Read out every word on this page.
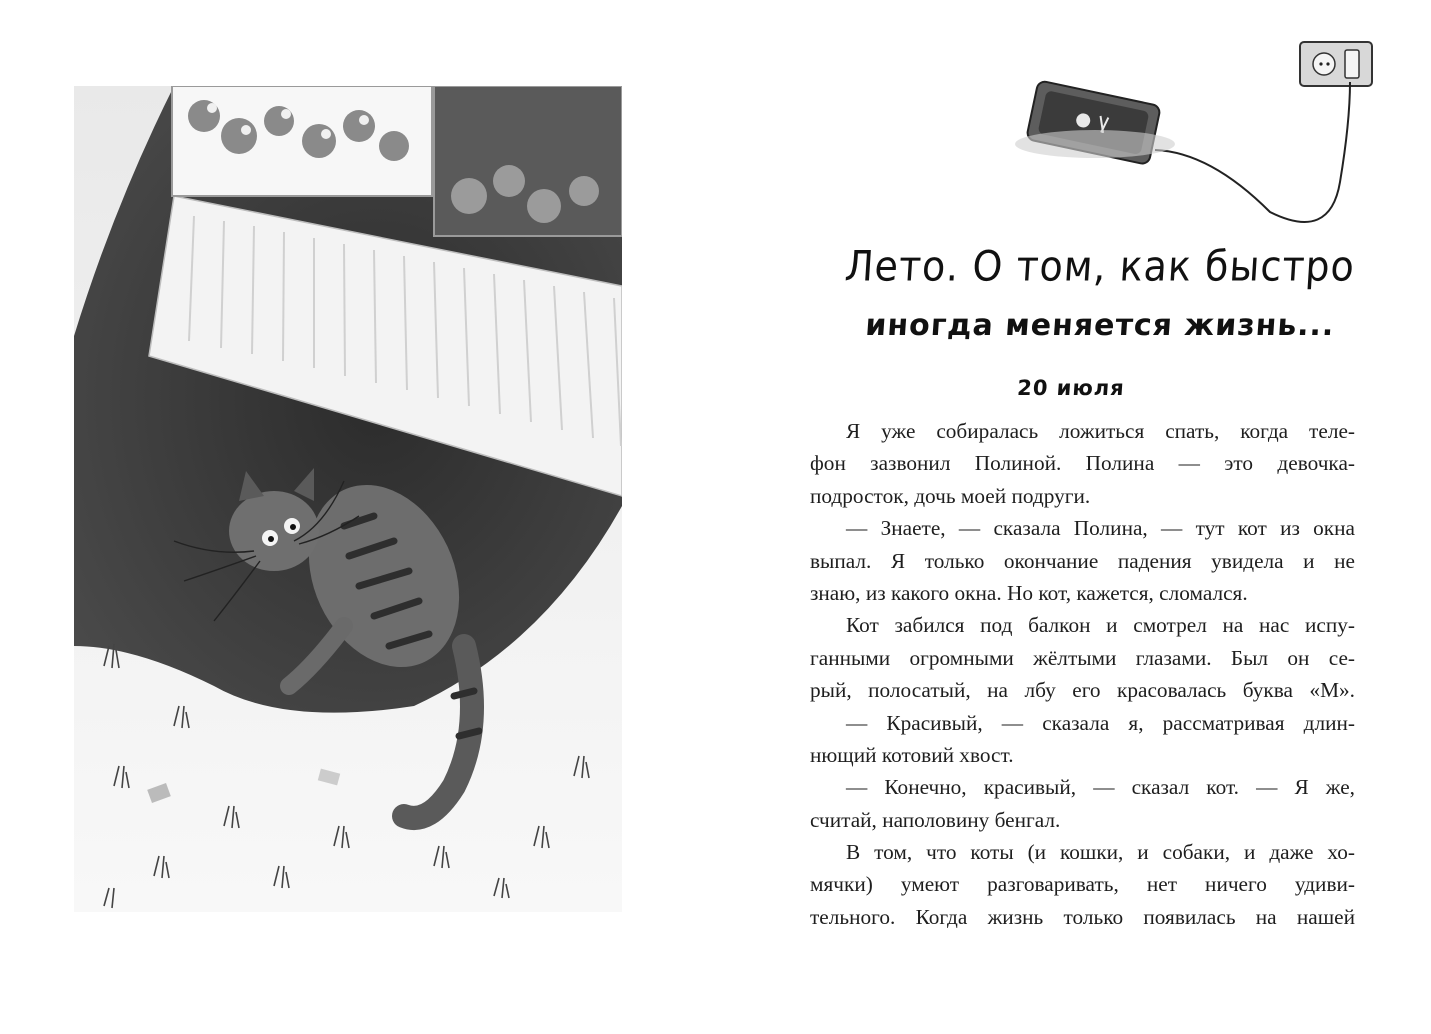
Лето. О том, как быстро
иногда меняется жизнь...
20 июля
Я уже собиралась ложиться спать, когда теле-
фон зазвонил Полиной. Полина — это девочка-
подросток, дочь моей подруги.
— Знаете, — сказала Полина, — тут кот из окна
выпал. Я только окончание падения увидела и не
знаю, из какого окна. Но кот, кажется, сломался.
Кот забился под балкон и смотрел на нас испу-
ганными огромными жёлтыми глазами. Был он се-
рый, полосатый, на лбу его красовалась буква «М».
— Красивый, — сказала я, рассматривая длин-
нющий котовий хвост.
— Конечно, красивый, — сказал кот. — Я же,
считай, наполовину бенгал.
В том, что коты (и кошки, и собаки, и даже хо-
мячки) умеют разговаривать, нет ничего удиви-
тельного. Когда жизнь только появилась на нашей
